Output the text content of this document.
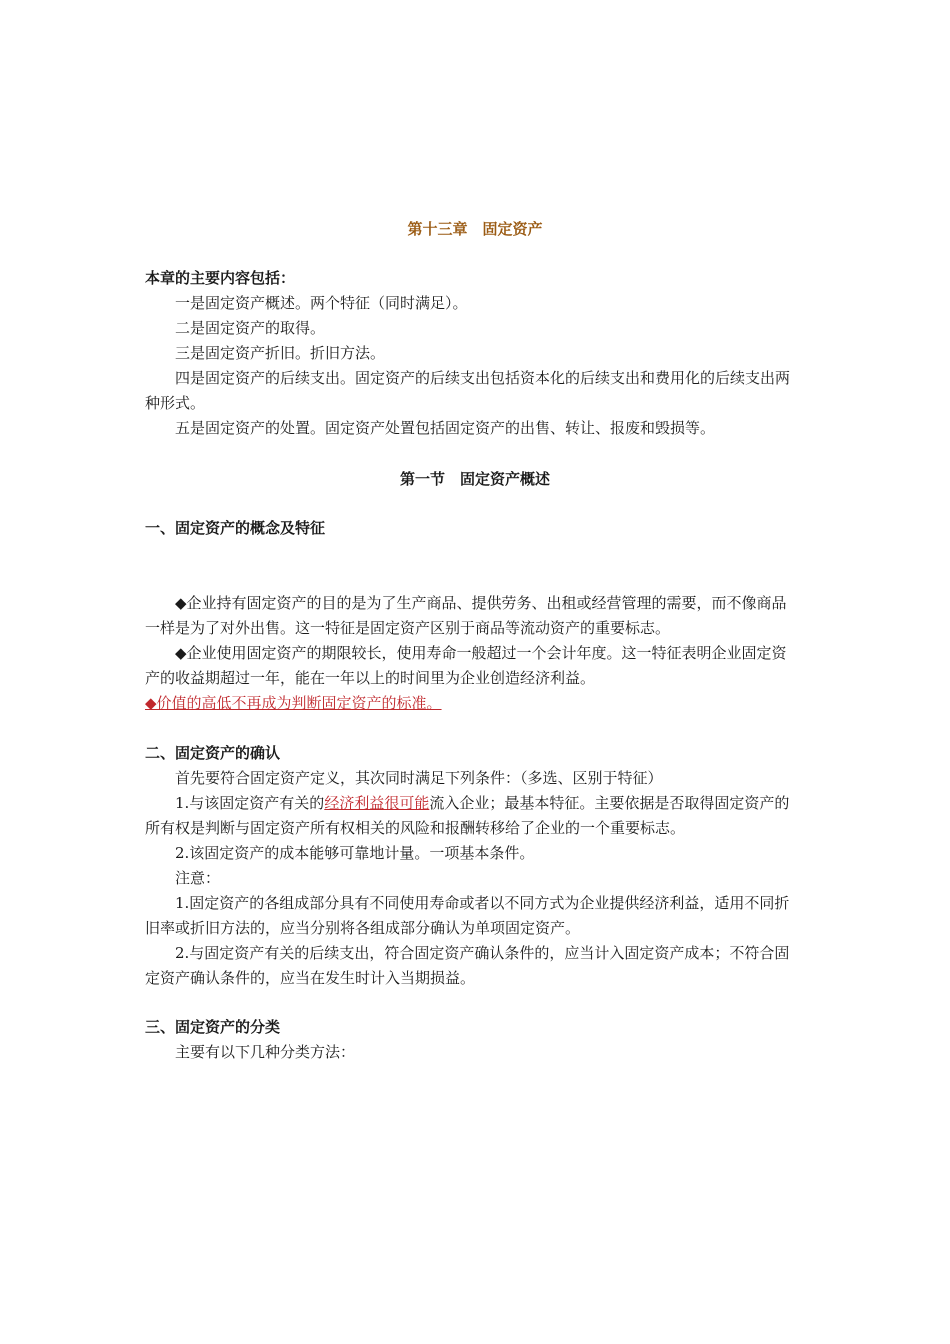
第十三章　固定资产
本章的主要内容包括：
一是固定资产概述。两个特征（同时满足）。
二是固定资产的取得。
三是固定资产折旧。折旧方法。
四是固定资产的后续支出。固定资产的后续支出包括资本化的后续支出和费用化的后续支出两
种形式。
五是固定资产的处置。固定资产处置包括固定资产的出售、转让、报废和毁损等。
第一节　固定资产概述
一、固定资产的概念及特征
◆企业持有固定资产的目的是为了生产商品、提供劳务、出租或经营管理的需要，而不像商品
一样是为了对外出售。这一特征是固定资产区别于商品等流动资产的重要标志。
◆企业使用固定资产的期限较长，使用寿命一般超过一个会计年度。这一特征表明企业固定资
产的收益期超过一年，能在一年以上的时间里为企业创造经济利益。
◆价值的高低不再成为判断固定资产的标准。
二、固定资产的确认
首先要符合固定资产定义，其次同时满足下列条件：（多选、区别于特征）
1.与该固定资产有关的经济利益很可能流入企业；最基本特征。主要依据是否取得固定资产的
所有权是判断与固定资产所有权相关的风险和报酬转移给了企业的一个重要标志。
2.该固定资产的成本能够可靠地计量。一项基本条件。
注意：
1.固定资产的各组成部分具有不同使用寿命或者以不同方式为企业提供经济利益，适用不同折
旧率或折旧方法的，应当分别将各组成部分确认为单项固定资产。
2.与固定资产有关的后续支出，符合固定资产确认条件的，应当计入固定资产成本；不符合固
定资产确认条件的，应当在发生时计入当期损益。
三、固定资产的分类
主要有以下几种分类方法：
